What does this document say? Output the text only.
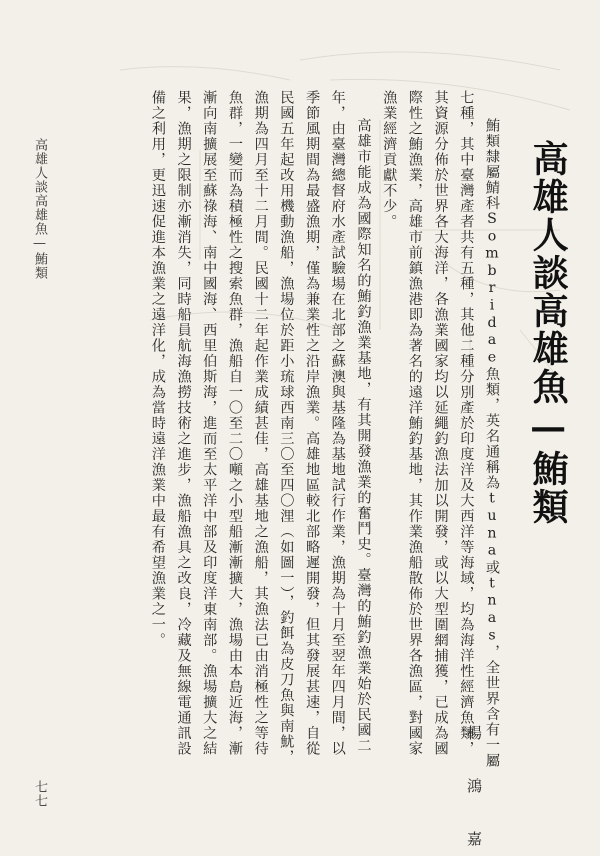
高雄人談高雄魚—鮪類
楊 鴻 嘉

鮪類隸屬鯖科Sombridae魚類，英名通稱為tuna或tnas，全世界含有一屬七種，其中臺灣產者共有五種，其他二種分別產於印度洋及大西洋等海域，均為海洋性經濟魚類，其資源分佈於世界各大海洋，各漁業國家均以延繩釣漁法加以開發，或以大型圍網捕獲，已成為國際性之鮪漁業，高雄市前鎮漁港即為著名的遠洋鮪釣基地，其作業漁船散佈於世界各漁區，對國家漁業經濟貢獻不少。

高雄市能成為國際知名的鮪釣漁業基地，有其開發漁業的奮鬥史。臺灣的鮪釣漁業始於民國二年，由臺灣總督府水產試驗場在北部之蘇澳與基隆為基地試行作業，漁期為十月至翌年四月間，以季節風期間為最盛漁期，僅為兼業性之沿岸漁業。高雄地區較北部略遲開發，但其發展甚速，自從民國五年起改用機動漁船，漁場位於距小琉球西南三〇至四〇浬（如圖一），釣餌為皮刀魚與南魷，漁期為四月至十二月間。民國十二年起作業成績甚佳，高雄基地之漁船，其漁法已由消極性之等待魚群，一變而為積極性之搜索魚群，漁船自一〇至二〇噸之小型船漸漸擴大，漁場由本島近海，漸漸向南擴展至蘇祿海、南中國海、西里伯斯海，進而至太平洋中部及印度洋東南部。漁場擴大之結果，漁期之限制亦漸消失，同時船員航海漁撈技術之進步，漁船漁具之改良，冷藏及無線電通訊設備之利用，更迅速促進本漁業之遠洋化，成為當時遠洋漁業中最有希望漁業之一。

高雄人談高雄魚—鮪類
七七
